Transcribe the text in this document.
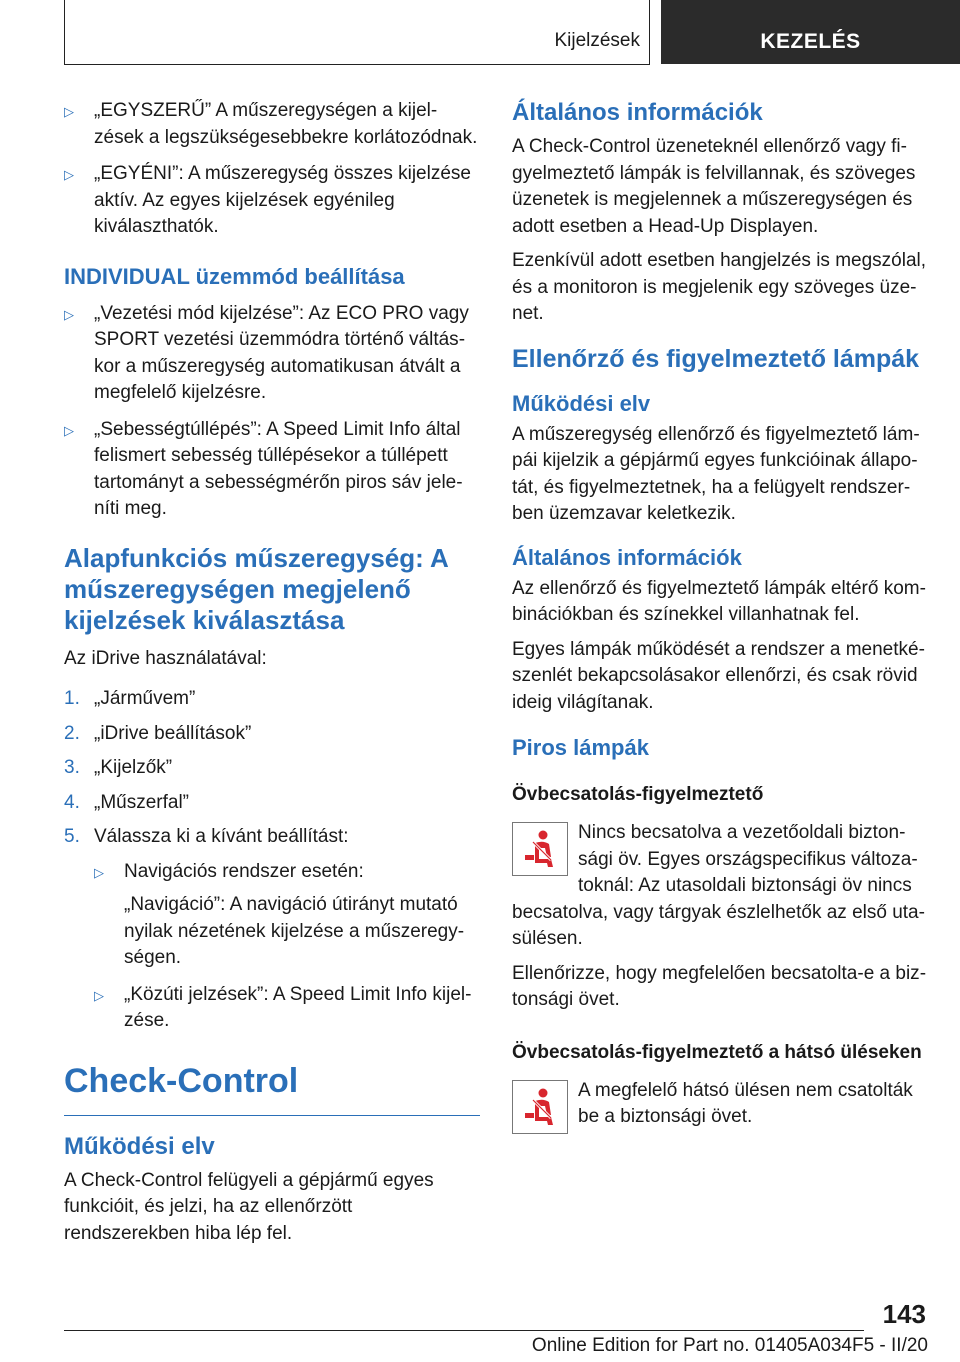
Kijelzések	KEZELÉS
▷	„EGYSZERŰ” A műszeregységen a kijelzések a legszükségesebbekre korlátozódnak.
▷	„EGYÉNI”: A műszeregység összes kijelzése aktív. Az egyes kijelzések egyénileg kiválaszthatók.
INDIVIDUAL üzemmód beállítása
▷	„Vezetési mód kijelzése”: Az ECO PRO vagy SPORT vezetési üzemmódra történő váltáskor a műszeregység automatikusan átvált a megfelelő kijelzésre.
▷	„Sebességtúllépés”: A Speed Limit Info által felismert sebesség túllépésekor a túllépett tartományt a sebességmérőn piros sáv jeleníti meg.
Alapfunkciós műszeregység: A műszeregységen megjelenő kijelzések kiválasztása

Az iDrive használatával:

1. „Járművem”
2. „iDrive beállítások”
3. „Kijelzők”
4. „Műszerfal”
5. Válassza ki a kívánt beállítást:
▷	Navigációs rendszer esetén:

„Navigáció”: A navigáció útirányt mutató nyilak nézetének kijelzése a műszeregységen.

▷	„Közúti jelzések”: A Speed Limit Info kijelzése.
Check-Control
Működési elv

A Check-Control felügyeli a gépjármű egyes funkcióit, és jelzi, ha az ellenőrzött rendszerekben hiba lép fel.

Általános információk

A Check-Control üzeneteknél ellenőrző vagy figyelmeztető lámpák is felvillannak, és szöveges üzenetek is megjelennek a műszeregységen és adott esetben a Head-Up Displayen.

Ezenkívül adott esetben hangjelzés is megszólal, és a monitoron is megjelenik egy szöveges üzenet.

Ellenőrző és figyelmeztető lámpák
Működési elv

A műszeregység ellenőrző és figyelmeztető lámpái kijelzik a gépjármű egyes funkcióinak állapotát, és figyelmeztetnek, ha a felügyelt rendszerben üzemzavar keletkezik.

Általános információk

Az ellenőrző és figyelmeztető lámpák eltérő kombinációkban és színekkel villanhatnak fel.

Egyes lámpák működését a rendszer a menetkészenlét bekapcsolásakor ellenőrzi, és csak rövid ideig világítanak.

Piros lámpák
Övbecsatolás-figyelmeztető

Nincs becsatolva a vezetőoldali biztonsági öv. Egyes országspecifikus változatoknál: Az utasoldali biztonsági öv nincs becsatolva, vagy tárgyak észlelhetők az első utasülésen.

Ellenőrizze, hogy megfelelően becsatolta-e a biztonsági övet.

Övbecsatolás-figyelmeztető a hátsó üléseken

A megfelelő hátsó ülésen nem csatolták be a biztonsági övet.

143
Online Edition for Part no. 01405A034F5 - II/20
